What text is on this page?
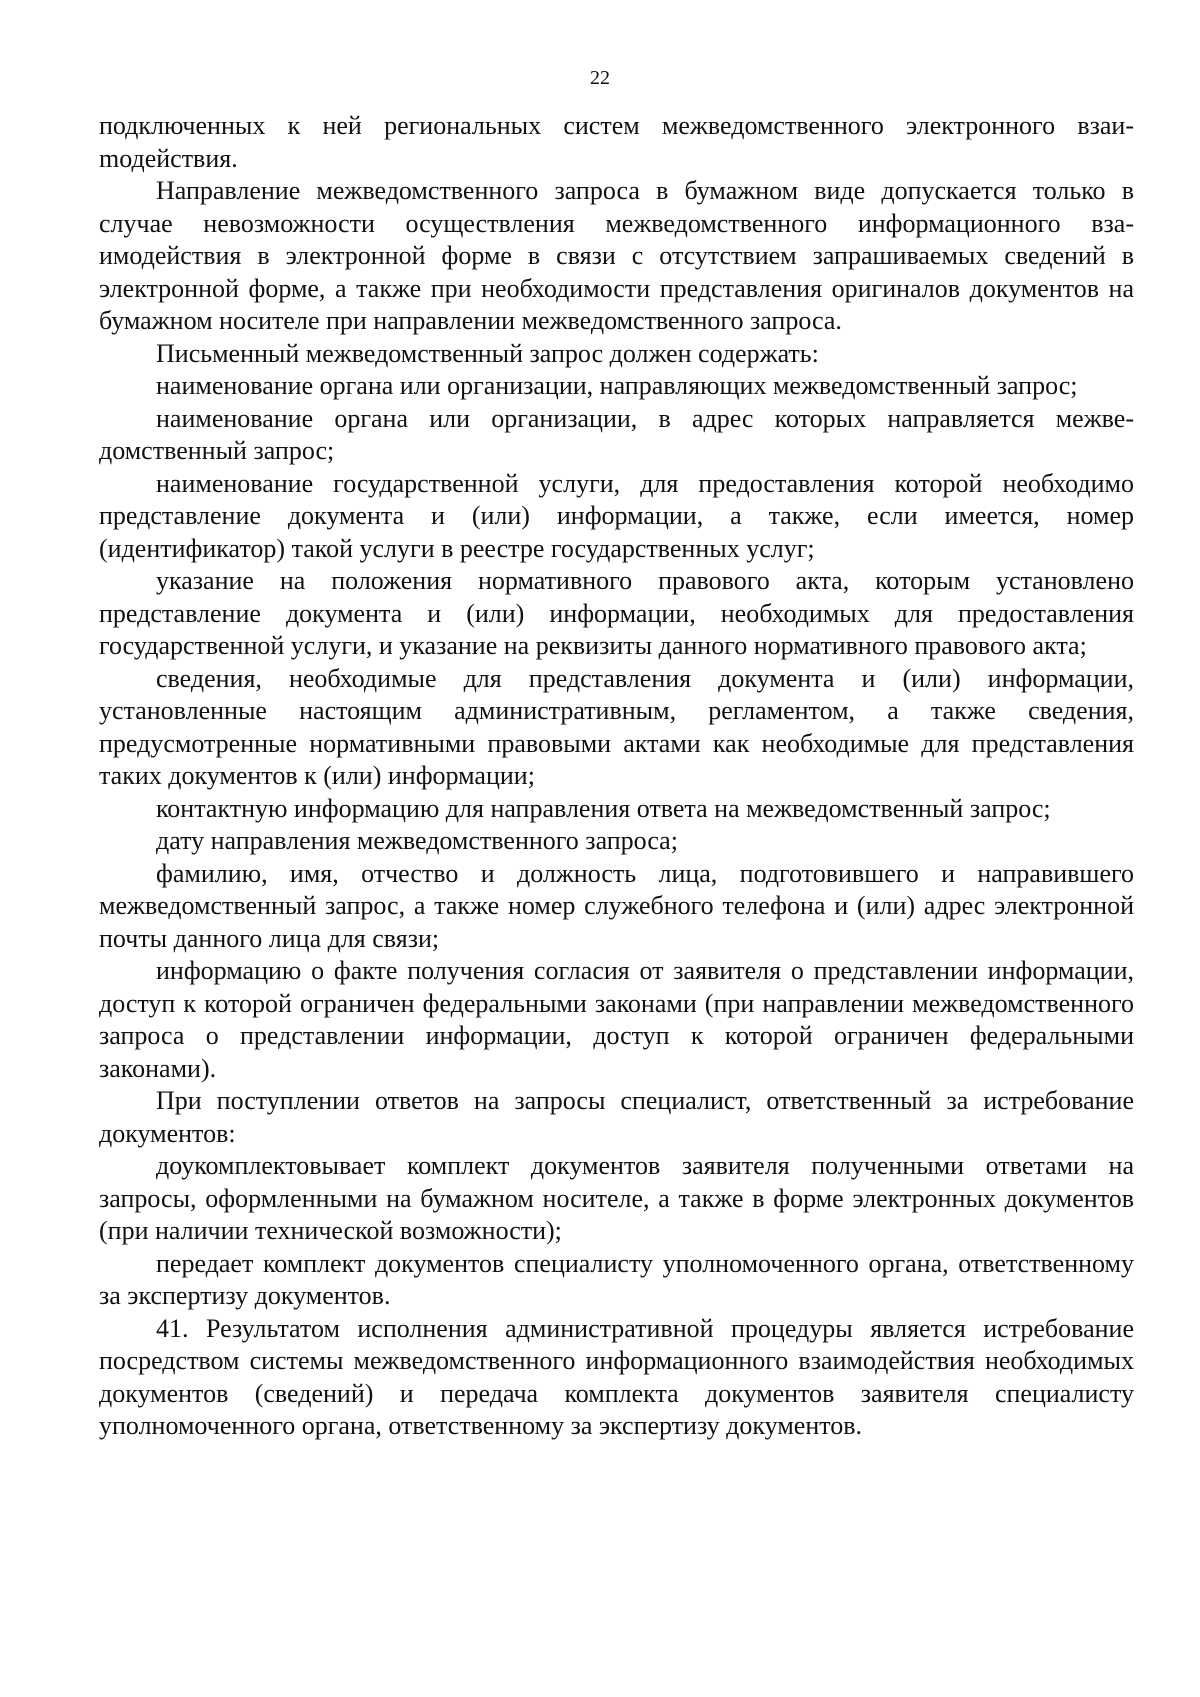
22

подключенных к ней региональных систем межведомственного электронного взаиmодействия.

Направление межведомственного запроса в бумажном виде допускается только в случае невозможности осуществления межведомственного информационного взаимодействия в электронной форме в связи с отсутствием запрашиваемых сведений в электронной форме, а также при необходимости представления оригиналов документов на бумажном носителе при направлении межведомственного запроса.

Письменный межведомственный запрос должен содержать:

наименование органа или организации, направляющих межведомственный запрос;

наименование органа или организации, в адрес которых направляется межведомственный запрос;

наименование государственной услуги, для предоставления которой необходимо представление документа и (или) информации, а также, если имеется, номер (идентификатор) такой услуги в реестре государственных услуг;

указание на положения нормативного правового акта, которым установлено представление документа и (или) информации, необходимых для предоставления государственной услуги, и указание на реквизиты данного нормативного правового акта;

сведения, необходимые для представления документа и (или) информации, установленные настоящим административным, регламентом, а также сведения, предусмотренные нормативными правовыми актами как необходимые для представления таких документов к (или) информации;

контактную информацию для направления ответа на межведомственный запрос;

дату направления межведомственного запроса;

фамилию, имя, отчество и должность лица, подготовившего и направившего межведомственный запрос, а также номер служебного телефона и (или) адрес электронной почты данного лица для связи;

информацию о факте получения согласия от заявителя о представлении информации, доступ к которой ограничен федеральными законами (при направлении межведомственного запроса о представлении информации, доступ к которой ограничен федеральными законами).

При поступлении ответов на запросы специалист, ответственный за истребование документов:

доукомплектовывает комплект документов заявителя полученными ответами на запросы, оформленными на бумажном носителе, а также в форме электронных документов (при наличии технической возможности);

передает комплект документов специалисту уполномоченного органа, ответственному за экспертизу документов.

41. Результатом исполнения административной процедуры является истребование посредством системы межведомственного информационного взаимодействия необходимых документов (сведений) и передача комплекта документов заявителя специалисту уполномоченного органа, ответственному за экспертизу документов.
